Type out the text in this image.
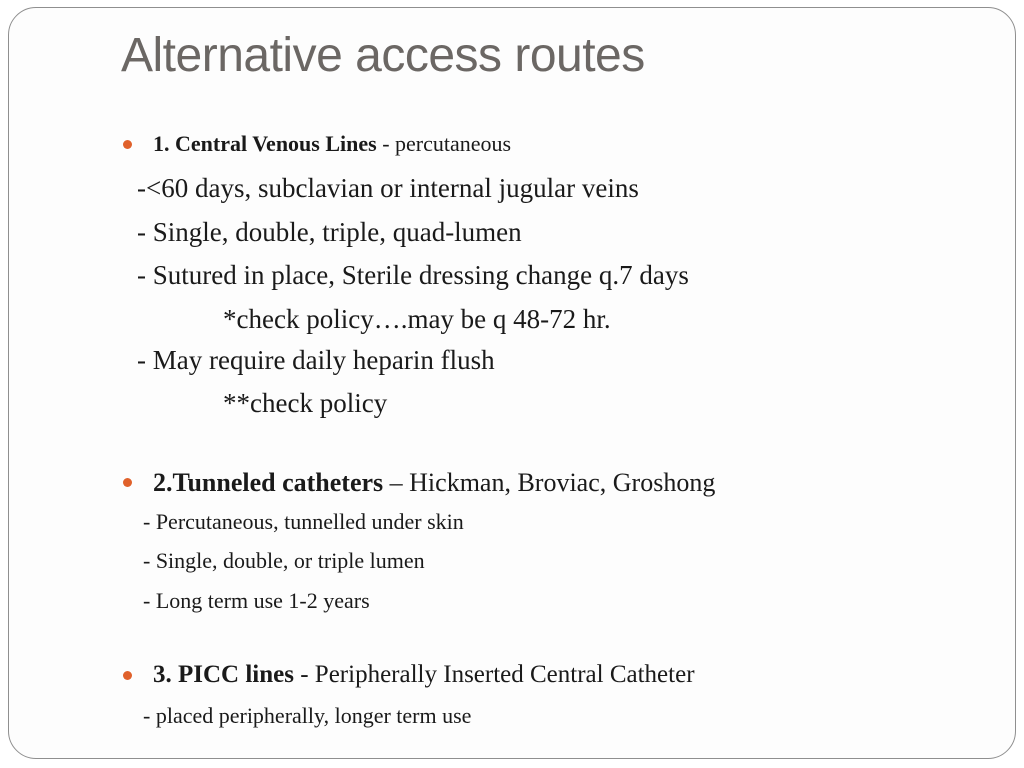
Alternative access routes
1. Central Venous Lines - percutaneous
-<60 days, subclavian or internal jugular veins
- Single, double, triple, quad-lumen
- Sutured in place, Sterile dressing change q.7 days
*check policy….may be q 48-72 hr.
- May require daily heparin flush
**check policy
2.Tunneled catheters – Hickman, Broviac, Groshong
- Percutaneous, tunnelled under skin
- Single, double, or triple lumen
- Long term use 1-2 years
3. PICC lines - Peripherally Inserted Central Catheter
- placed peripherally, longer term use
